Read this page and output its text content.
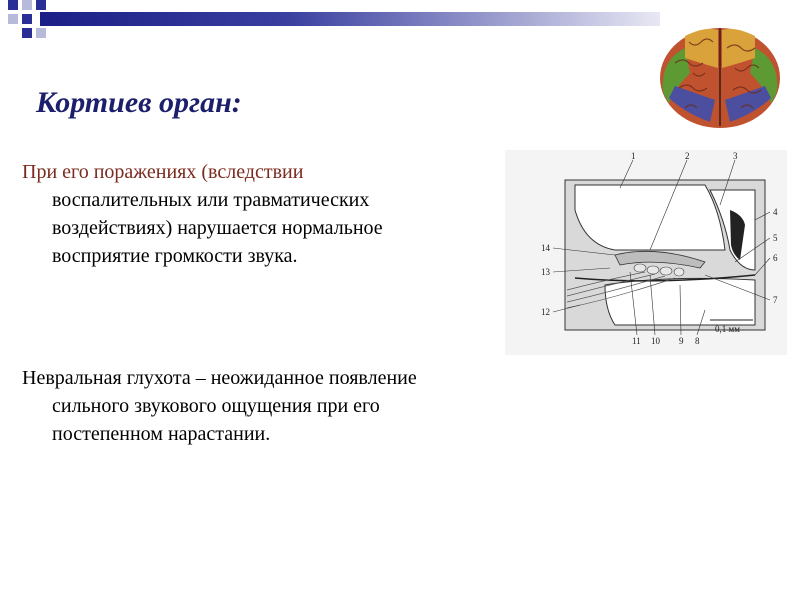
Кортиев орган:

При его поражениях (вследствии
воспалительных или травматических
воздействиях) нарушается нормальное
восприятие громкости звука.

Невральная глухота – неожиданное появление
сильного звукового ощущения при его
постепенном нарастании.

1	2	3
4
5
6
7
8
9
10
11
12
13
14
0,1 мм
